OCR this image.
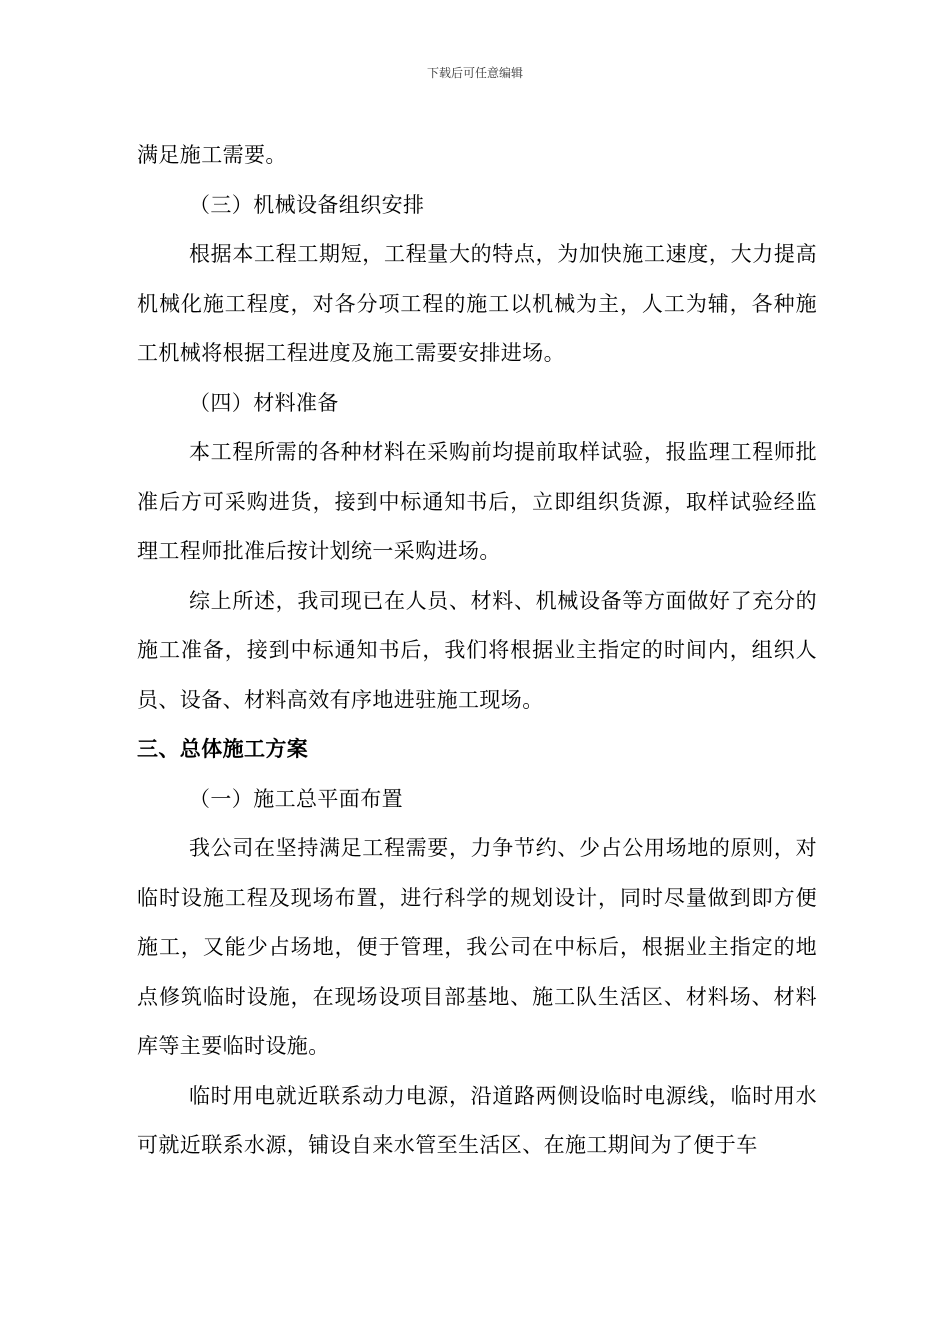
下载后可任意编辑

满足施工需要。

（三）机械设备组织安排

根据本工程工期短，工程量大的特点，为加快施工速度，大力提高机械化施工程度，对各分项工程的施工以机械为主，人工为辅，各种施工机械将根据工程进度及施工需要安排进场。

（四）材料准备

本工程所需的各种材料在采购前均提前取样试验，报监理工程师批准后方可采购进货，接到中标通知书后，立即组织货源，取样试验经监理工程师批准后按计划统一采购进场。

综上所述，我司现已在人员、材料、机械设备等方面做好了充分的施工准备，接到中标通知书后，我们将根据业主指定的时间内，组织人员、设备、材料高效有序地进驻施工现场。

三、总体施工方案

（一）施工总平面布置

我公司在坚持满足工程需要，力争节约、少占公用场地的原则，对临时设施工程及现场布置，进行科学的规划设计，同时尽量做到即方便施工，又能少占场地，便于管理，我公司在中标后，根据业主指定的地点修筑临时设施，在现场设项目部基地、施工队生活区、材料场、材料库等主要临时设施。

临时用电就近联系动力电源，沿道路两侧设临时电源线，临时用水可就近联系水源，铺设自来水管至生活区、在施工期间为了便于车
